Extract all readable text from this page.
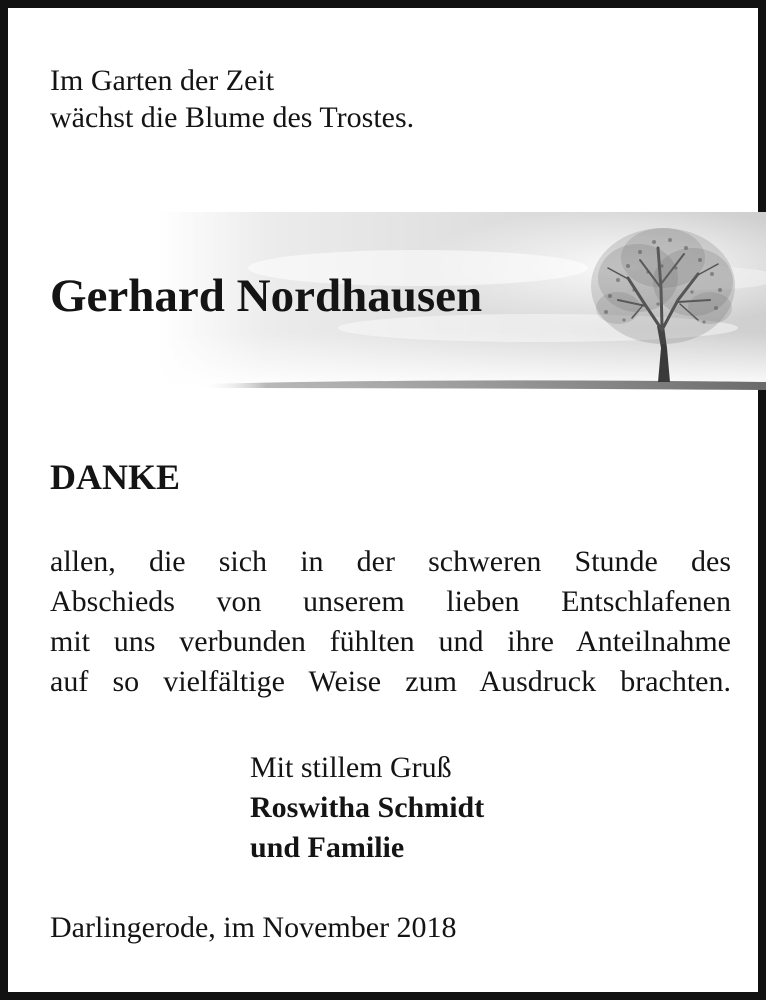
Im Garten der Zeit
wächst die Blume des Trostes.
Gerhard Nordhausen
DANKE
allen, die sich in der schweren Stunde des
Abschieds von unserem lieben Entschlafenen
mit uns verbunden fühlten und ihre Anteilnahme
auf so vielfältige Weise zum Ausdruck brachten.
Mit stillem Gruß
Roswitha Schmidt
und Familie
Darlingerode, im November 2018
